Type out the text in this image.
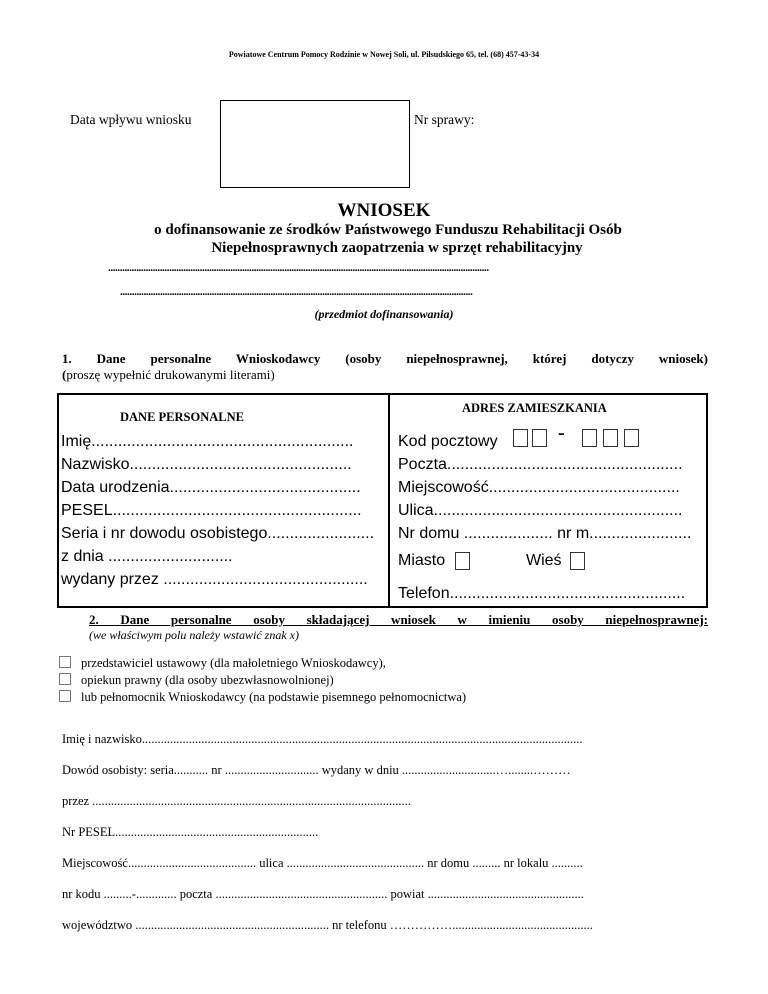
Powiatowe Centrum Pomocy Rodzinie w Nowej Soli, ul. Piłsudskiego 65, tel. (68) 457-43-34
Data wpływu wniosku	Nr sprawy:
WNIOSEK
o dofinansowanie ze środków Państwowego Funduszu Rehabilitacji Osób
Niepełnosprawnych zaopatrzenia w sprzęt rehabilitacyjny
..................................................................................................................................................................
......................................................................................................................................................
(przedmiot dofinansowania)
1. Dane personalne Wnioskodawcy (osoby niepełnosprawnej, której dotyczy wniosek)
(proszę wypełnić drukowanymi literami)
DANE PERSONALNE
ADRES ZAMIESZKANIA
Imię...........................................................
Nazwisko..................................................
Data urodzenia...........................................
PESEL........................................................
Seria i nr dowodu osobistego........................
z dnia ............................
wydany przez ..............................................
Kod pocztowy	-
Poczta.....................................................
Miejscowość...........................................
Ulica........................................................
Nr domu .................... nr m.......................
Miasto	Wieś
Telefon.....................................................
2. Dane personalne osoby składającej wniosek w imieniu osoby niepełnosprawnej:
(we właściwym polu należy wstawić znak x)
przedstawiciel ustawowy (dla małoletniego Wnioskodawcy),
opiekun prawny (dla osoby ubezwłasnowolnionej)
lub pełnomocnik Wnioskodawcy (na podstawie pisemnego pełnomocnictwa)
Imię i nazwisko.............................................................................................................................................
Dowód osobisty: seria........... nr .............................. wydany w dniu ..............................…........………
przez ......................................................................................................
Nr PESEL.................................................................
Miejscowość......................................... ulica ............................................ nr domu ......... nr lokalu ..........
nr kodu .........-............. poczta ....................................................... powiat ..................................................
województwo .............................................................. nr telefonu …………….............................................
